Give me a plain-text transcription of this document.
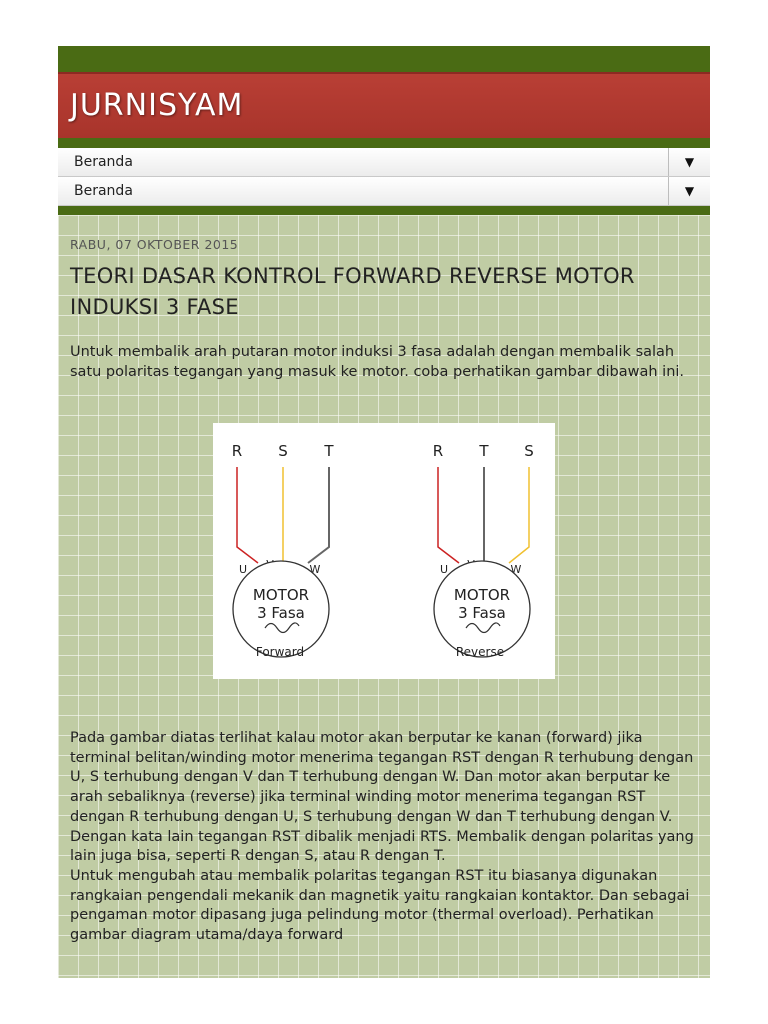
JURNISYAM
Beranda	▼
Beranda	▼
RABU, 07 OKTOBER 2015
TEORI DASAR KONTROL FORWARD REVERSE MOTOR INDUKSI 3 FASE
Untuk membalik arah putaran motor induksi 3 fasa adalah dengan membalik salah satu polaritas tegangan yang masuk ke motor. coba perhatikan gambar dibawah ini.
R S T
U	W
MOTOR
3 Fasa
Forward
R T S
U	W
MOTOR
3 Fasa
Reverse

Pada gambar diatas terlihat kalau motor akan berputar ke kanan (forward) jika terminal belitan/winding motor menerima tegangan RST dengan R terhubung dengan U, S terhubung dengan V dan T terhubung dengan W. Dan motor akan berputar ke arah sebaliknya (reverse) jika terminal winding motor menerima tegangan RST dengan R terhubung dengan U, S terhubung dengan W dan T terhubung dengan V. Dengan kata lain tegangan RST dibalik menjadi RTS. Membalik dengan polaritas yang lain juga bisa, seperti R dengan S, atau R dengan T.

Untuk mengubah atau membalik polaritas tegangan RST itu biasanya digunakan rangkaian pengendali mekanik dan magnetik yaitu rangkaian kontaktor. Dan sebagai pengaman motor dipasang juga pelindung motor (thermal overload). Perhatikan gambar diagram utama/daya forward
